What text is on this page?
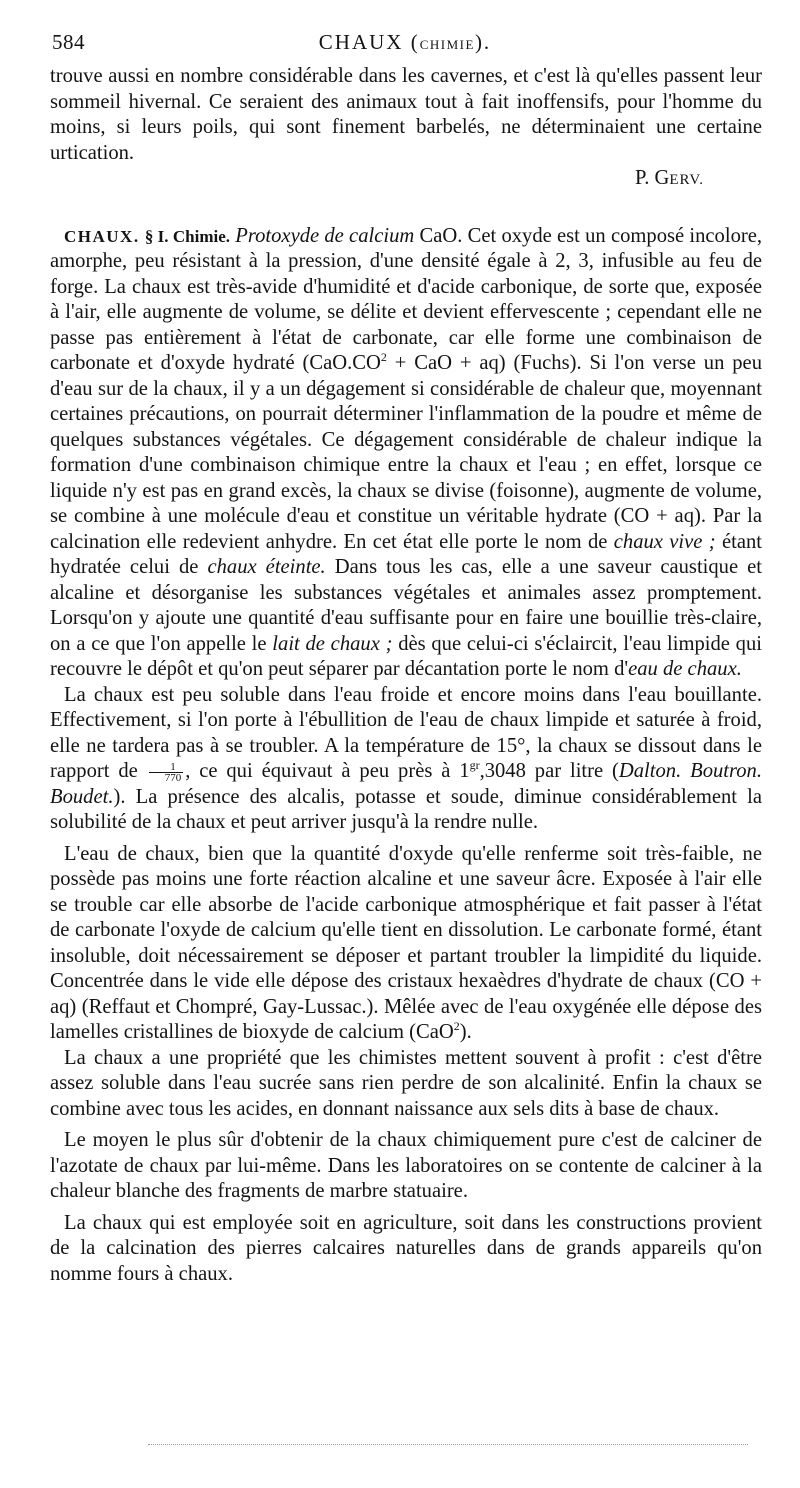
584	CHAUX (CHIMIE).

trouve aussi en nombre considérable dans les cavernes, et c'est là qu'elles passent leur sommeil hivernal. Ce seraient des animaux tout à fait inoffensifs, pour l'homme du moins, si leurs poils, qui sont finement barbelés, ne déterminaient une certaine urtication.

P. GERV.

CHAUX. § I. Chimie. Protoxyde de calcium CaO. Cet oxyde est un composé incolore, amorphe, peu résistant à la pression, d'une densité égale à 2, 3, infusible au feu de forge. La chaux est très-avide d'humidité et d'acide carbonique, de sorte que, exposée à l'air, elle augmente de volume, se délite et devient effervescente ; cependant elle ne passe pas entièrement à l'état de carbonate, car elle forme une combinaison de carbonate et d'oxyde hydraté ($CaO.CO^2$ + CaO + aq) (Fuchs). Si l'on verse un peu d'eau sur de la chaux, il y a un dégagement si considérable de chaleur que, moyennant certaines précautions, on pourrait déterminer l'inflammation de la poudre et même de quelques substances végétales. Ce dégagement considérable de chaleur indique la formation d'une combinaison chimique entre la chaux et l'eau ; en effet, lorsque ce liquide n'y est pas en grand excès, la chaux se divise (foisonne), augmente de volume, se combine à une molécule d'eau et constitue un véritable hydrate (CO + aq). Par la calcination elle redevient anhydre. En cet état elle porte le nom de chaux vive ; étant hydratée celui de chaux éteinte. Dans tous les cas, elle a une saveur caustique et alcaline et désorganise les substances végétales et animales assez promptement. Lorsqu'on y ajoute une quantité d'eau suffisante pour en faire une bouillie très-claire, on a ce que l'on appelle le lait de chaux ; dès que celui-ci s'éclaircit, l'eau limpide qui recouvre le dépôt et qu'on peut séparer par décantation porte le nom d'eau de chaux.

La chaux est peu soluble dans l'eau froide et encore moins dans l'eau bouillante. Effectivement, si l'on porte à l'ébullition de l'eau de chaux limpide et saturée à froid, elle ne tardera pas à se troubler. A la température de 15°, la chaux se dissout dans le rapport de $\frac{1}{770}$ , ce qui équivaut à peu près à $1^{gr},3048$ par litre (Dalton. Boutron. Boudet.). La présence des alcalis, potasse et soude, diminue considérablement la solubilité de la chaux et peut arriver jusqu'à la rendre nulle.

L'eau de chaux, bien que la quantité d'oxyde qu'elle renferme soit très-faible, ne possède pas moins une forte réaction alcaline et une saveur âcre. Exposée à l'air elle se trouble car elle absorbe de l'acide carbonique atmosphérique et fait passer à l'état de carbonate l'oxyde de calcium qu'elle tient en dissolution. Le carbonate formé, étant insoluble, doit nécessairement se déposer et partant troubler la limpidité du liquide. Concentrée dans le vide elle dépose des cristaux hexaèdres d'hydrate de chaux (CO + aq) (Reffaut et Chompré, Gay-Lussac.). Mêlée avec de l'eau oxygénée elle dépose des lamelles cristallines de bioxyde de calcium (CaO$^2$).

La chaux a une propriété que les chimistes mettent souvent à profit : c'est d'être assez soluble dans l'eau sucrée sans rien perdre de son alcalinité. Enfin la chaux se combine avec tous les acides, en donnant naissance aux sels dits à base de chaux.

Le moyen le plus sûr d'obtenir de la chaux chimiquement pure c'est de calciner de l'azotate de chaux par lui-même. Dans les laboratoires on se contente de calciner à la chaleur blanche des fragments de marbre statuaire.

La chaux qui est employée soit en agriculture, soit dans les constructions provient de la calcination des pierres calcaires naturelles dans de grands appareils qu'on nomme fours à chaux.
